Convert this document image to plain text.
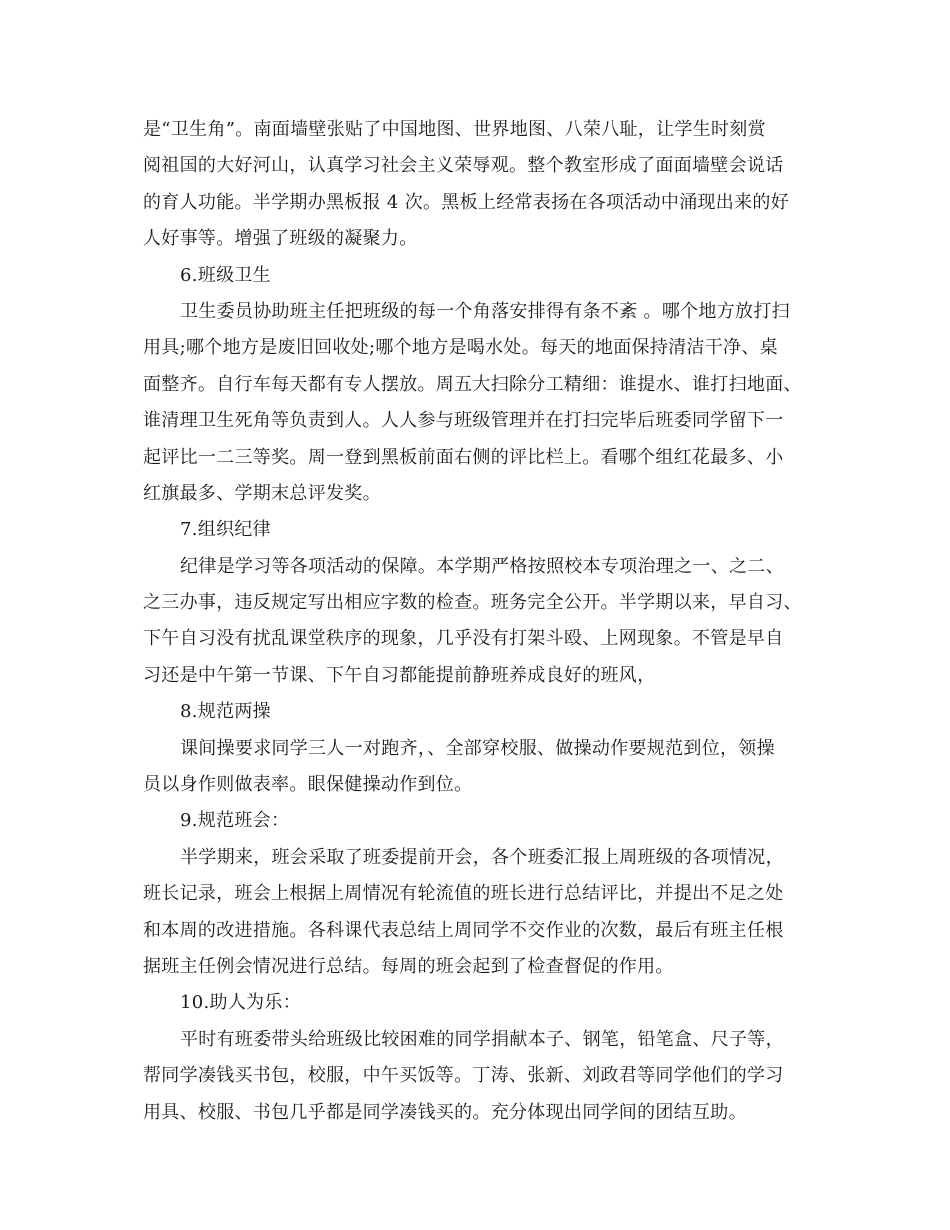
是“卫生角”。南面墙壁张贴了中国地图、世界地图、八荣八耻，让学生时刻赏
阅祖国的大好河山，认真学习社会主义荣辱观。整个教室形成了面面墙壁会说话
的育人功能。半学期办黑板报 4 次。黑板上经常表扬在各项活动中涌现出来的好
人好事等。增强了班级的凝聚力。
6.班级卫生
卫生委员协助班主任把班级的每一个角落安排得有条不紊 。哪个地方放打扫
用具;哪个地方是废旧回收处;哪个地方是喝水处。每天的地面保持清洁干净、桌
面整齐。自行车每天都有专人摆放。周五大扫除分工精细：谁提水、谁打扫地面、
谁清理卫生死角等负责到人。人人参与班级管理并在打扫完毕后班委同学留下一
起评比一二三等奖。周一登到黑板前面右侧的评比栏上。看哪个组红花最多、小
红旗最多、学期末总评发奖。
7.组织纪律
纪律是学习等各项活动的保障。本学期严格按照校本专项治理之一、之二、
之三办事，违反规定写出相应字数的检查。班务完全公开。半学期以来，早自习、
下午自习没有扰乱课堂秩序的现象，几乎没有打架斗殴、上网现象。不管是早自
习还是中午第一节课、下午自习都能提前静班养成良好的班风，
8.规范两操
课间操要求同学三人一对跑齐，、全部穿校服、做操动作要规范到位，领操
员以身作则做表率。眼保健操动作到位。
9.规范班会：
半学期来，班会采取了班委提前开会，各个班委汇报上周班级的各项情况，
班长记录，班会上根据上周情况有轮流值的班长进行总结评比，并提出不足之处
和本周的改进措施。各科课代表总结上周同学不交作业的次数，最后有班主任根
据班主任例会情况进行总结。每周的班会起到了检查督促的作用。
10.助人为乐：
平时有班委带头给班级比较困难的同学捐献本子、钢笔，铅笔盒、尺子等，
帮同学凑钱买书包，校服，中午买饭等。丁涛、张新、刘政君等同学他们的学习
用具、校服、书包几乎都是同学凑钱买的。充分体现出同学间的团结互助。
